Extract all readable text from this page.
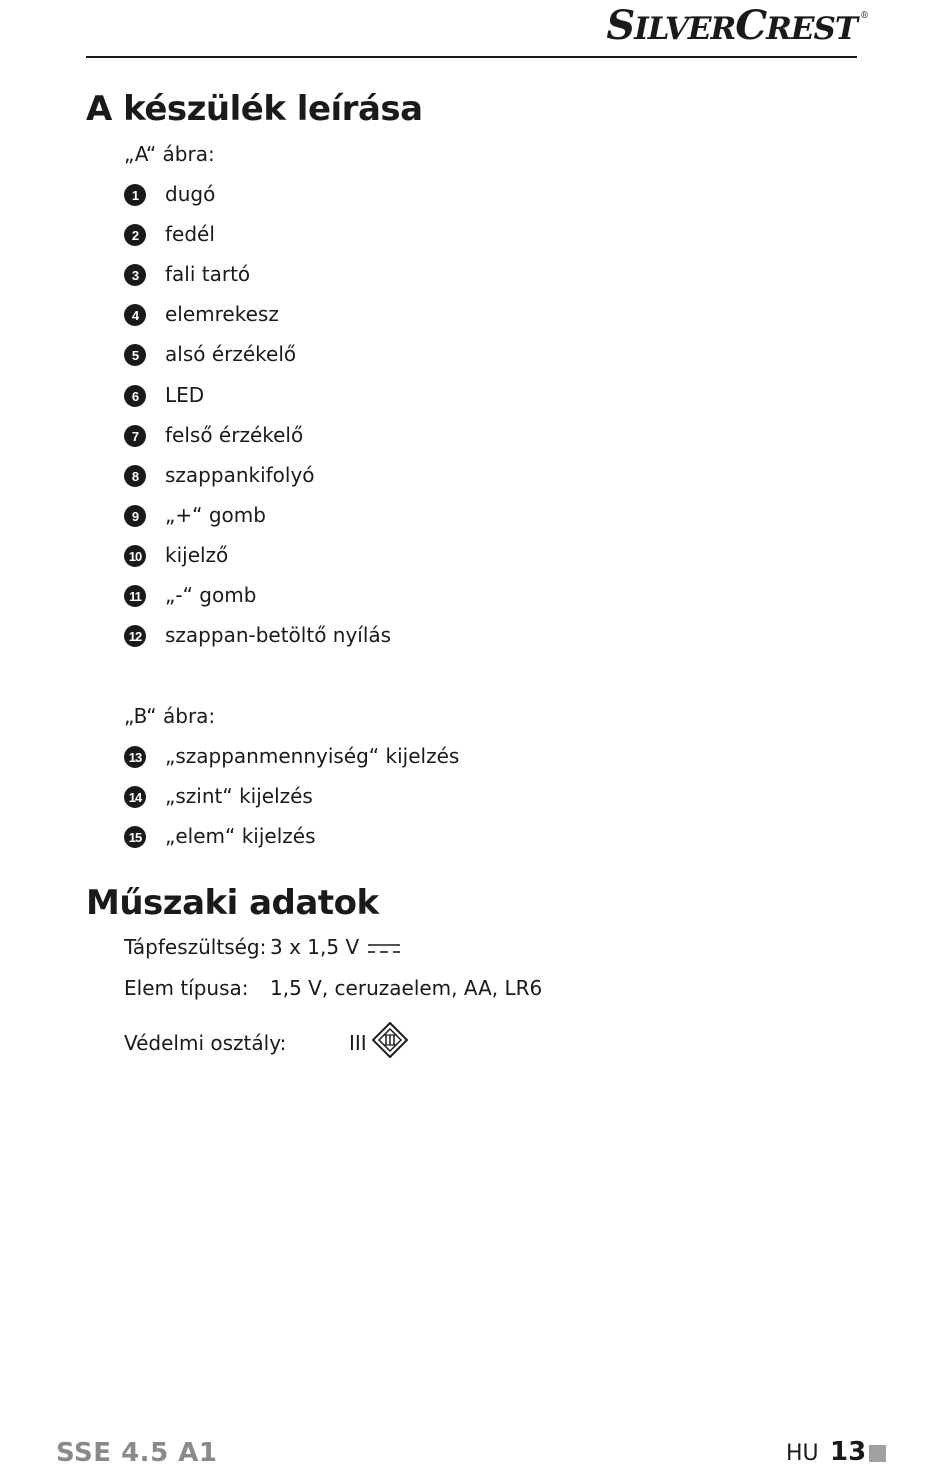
SILVERCREST ®
A készülék leírása
„A“ ábra:
1	dugó
2	fedél
3	fali tartó
4	elemrekesz
5	alsó érzékelő
6	LED
7	felső érzékelő
8	szappankifolyó
9	„+“ gomb
10 kijelző
11 „-“ gomb
12 szappan-betöltő nyílás
„B“ ábra:
13 „szappanmennyiség“ kijelzés
14 „szint“ kijelzés
15 „elem“ kijelzés
Műszaki adatok
Tápfeszültség: 3 x 1,5 V
Elem típusa: 1,5 V, ceruzaelem, AA, LR6
Védelmi osztály:	III
SSE 4.5 A1	HU 13
